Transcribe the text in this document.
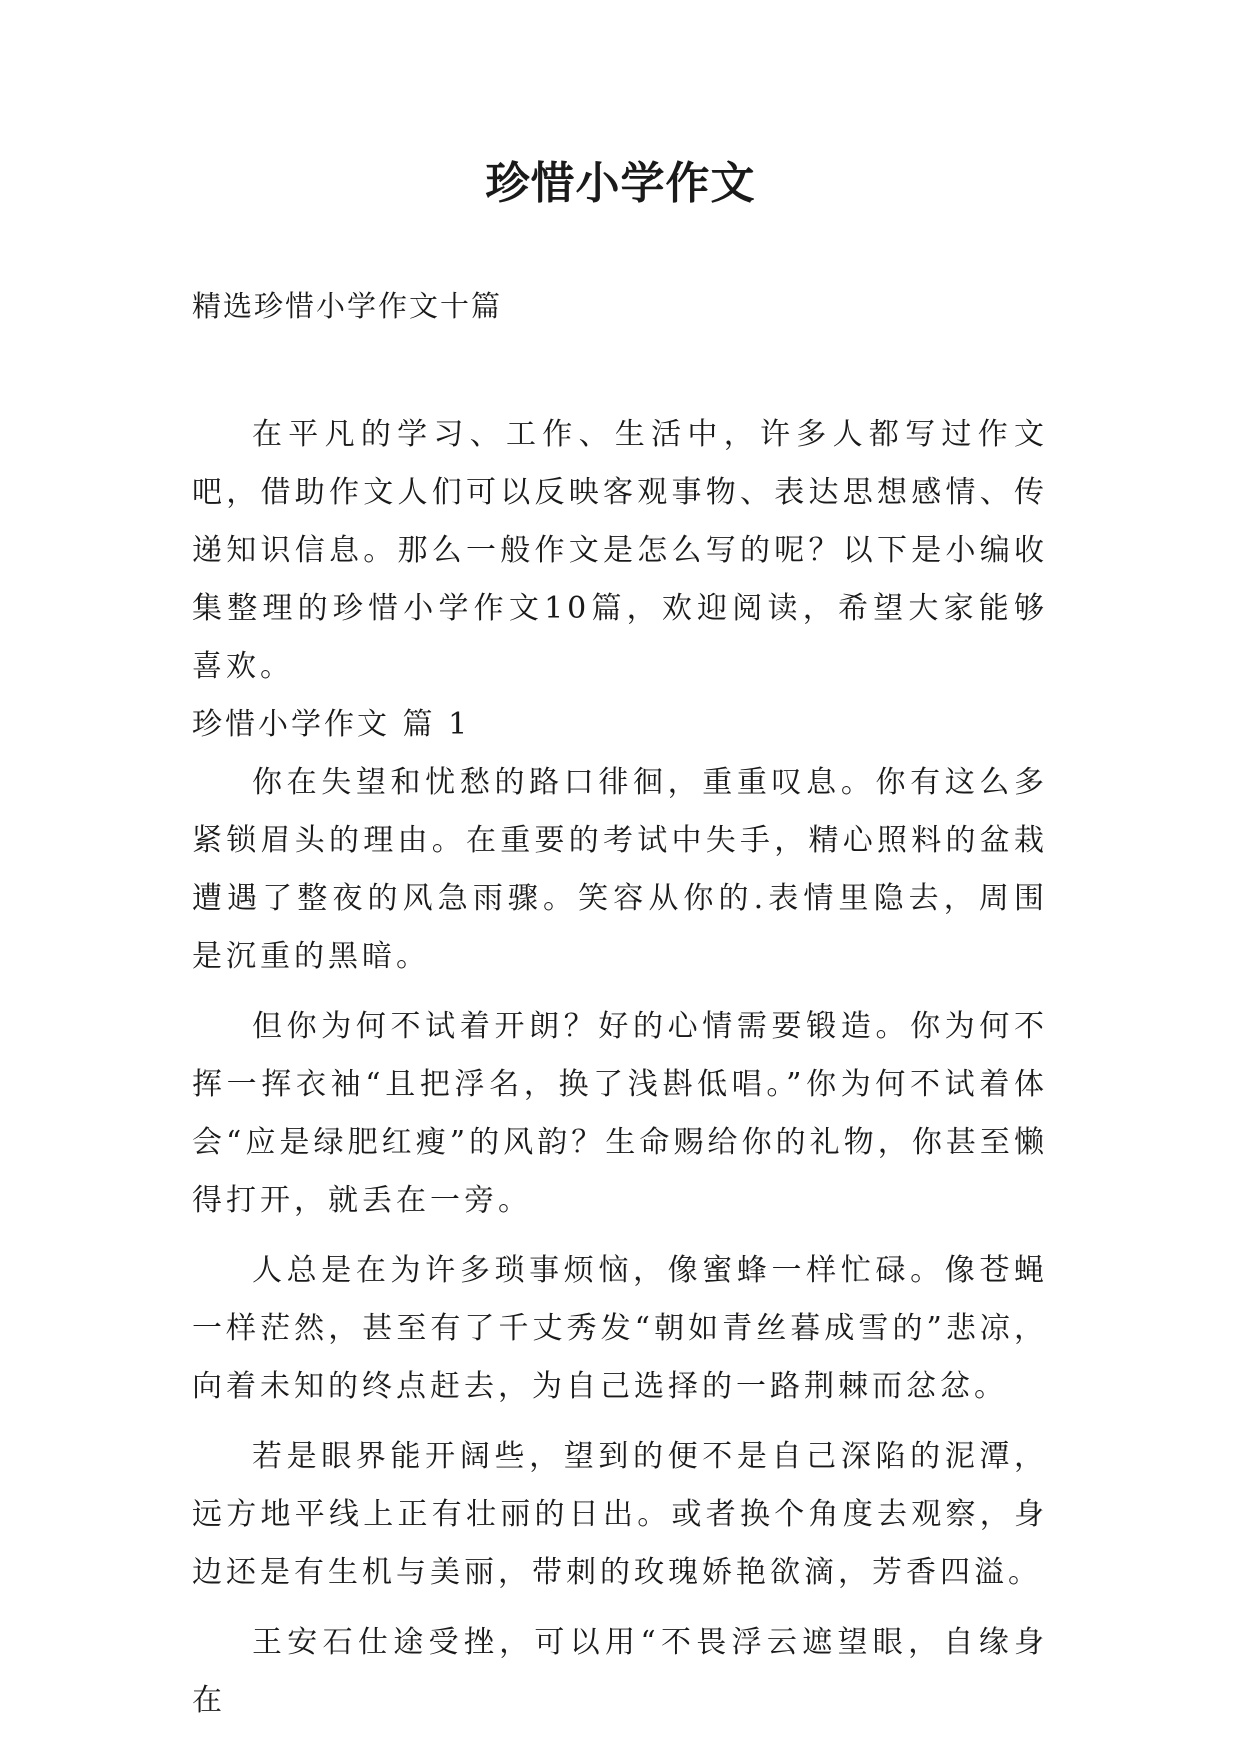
珍惜小学作文

精选珍惜小学作文十篇

在平凡的学习、工作、生活中，许多人都写过作文吧，借助作文人们可以反映客观事物、表达思想感情、传递知识信息。那么一般作文是怎么写的呢？以下是小编收集整理的珍惜小学作文10篇，欢迎阅读，希望大家能够喜欢。

珍惜小学作文 篇 1

你在失望和忧愁的路口徘徊，重重叹息。你有这么多紧锁眉头的理由。在重要的考试中失手，精心照料的盆栽遭遇了整夜的风急雨骤。笑容从你的.表情里隐去，周围是沉重的黑暗。

但你为何不试着开朗？好的心情需要锻造。你为何不挥一挥衣袖“且把浮名，换了浅斟低唱。”你为何不试着体会“应是绿肥红瘦”的风韵？生命赐给你的礼物，你甚至懒得打开，就丢在一旁。

人总是在为许多琐事烦恼，像蜜蜂一样忙碌。像苍蝇一样茫然，甚至有了千丈秀发“朝如青丝暮成雪的”悲凉，向着未知的终点赶去，为自己选择的一路荆棘而忿忿。

若是眼界能开阔些，望到的便不是自己深陷的泥潭，远方地平线上正有壮丽的日出。或者换个角度去观察，身边还是有生机与美丽，带刺的玫瑰娇艳欲滴，芳香四溢。

王安石仕途受挫，可以用“不畏浮云遮望眼，自缘身在
